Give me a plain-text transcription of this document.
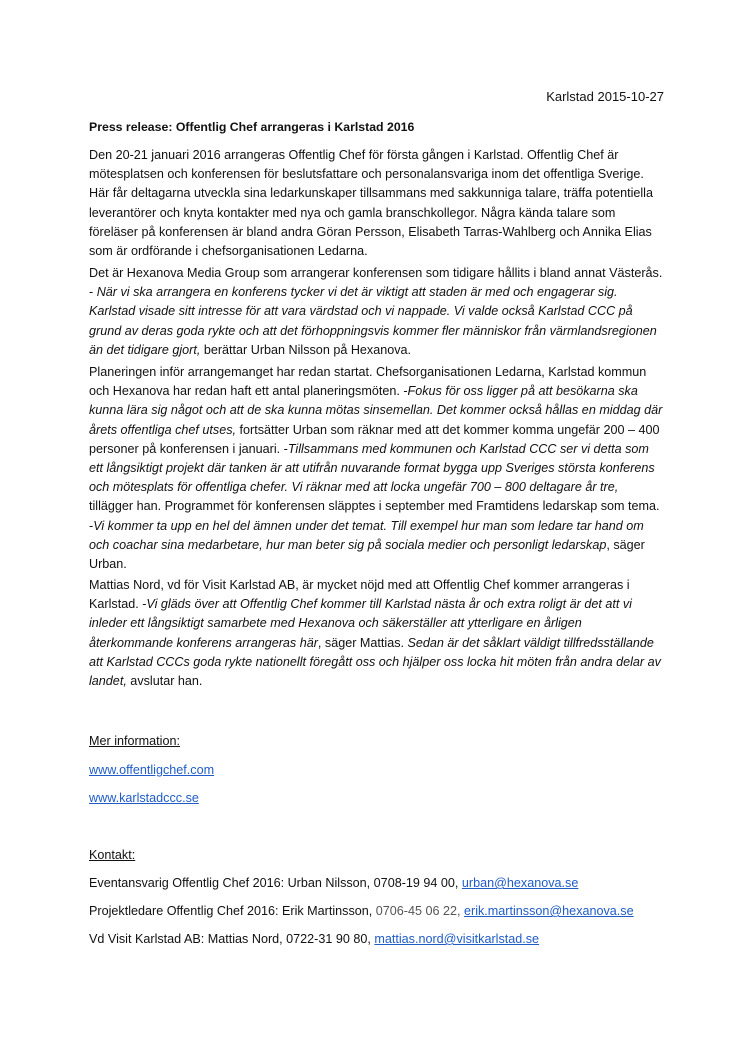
Karlstad 2015-10-27
Press release: Offentlig Chef arrangeras i Karlstad 2016

Den 20-21 januari 2016 arrangeras Offentlig Chef för första gången i Karlstad. Offentlig Chef är mötesplatsen och konferensen för beslutsfattare och personalansvariga inom det offentliga Sverige. Här får deltagarna utveckla sina ledarkunskaper tillsammans med sakkunniga talare, träffa potentiella leverantörer och knyta kontakter med nya och gamla branschkollegor. Några kända talare som föreläser på konferensen är bland andra Göran Persson, Elisabeth Tarras-Wahlberg och Annika Elias som är ordförande i chefsorganisationen Ledarna.

Det är Hexanova Media Group som arrangerar konferensen som tidigare hållits i bland annat Västerås. - När vi ska arrangera en konferens tycker vi det är viktigt att staden är med och engagerar sig. Karlstad visade sitt intresse för att vara värdstad och vi nappade. Vi valde också Karlstad CCC på grund av deras goda rykte och att det förhoppningsvis kommer fler människor från värmlandsregionen än det tidigare gjort, berättar Urban Nilsson på Hexanova.

Planeringen inför arrangemanget har redan startat. Chefsorganisationen Ledarna, Karlstad kommun och Hexanova har redan haft ett antal planeringsmöten. -Fokus för oss ligger på att besökarna ska kunna lära sig något och att de ska kunna mötas sinsemellan. Det kommer också hållas en middag där årets offentliga chef utses, fortsätter Urban som räknar med att det kommer komma ungefär 200 – 400 personer på konferensen i januari. -Tillsammans med kommunen och Karlstad CCC ser vi detta som ett långsiktigt projekt där tanken är att utifrån nuvarande format bygga upp Sveriges största konferens och mötesplats för offentliga chefer. Vi räknar med att locka ungefär 700 – 800 deltagare år tre, tillägger han. Programmet för konferensen släpptes i september med Framtidens ledarskap som tema. -Vi kommer ta upp en hel del ämnen under det temat. Till exempel hur man som ledare tar hand om och coachar sina medarbetare, hur man beter sig på sociala medier och personligt ledarskap, säger Urban.

Mattias Nord, vd för Visit Karlstad AB, är mycket nöjd med att Offentlig Chef kommer arrangeras i Karlstad. -Vi gläds över att Offentlig Chef kommer till Karlstad nästa år och extra roligt är det att vi inleder ett långsiktigt samarbete med Hexanova och säkerställer att ytterligare en årligen återkommande konferens arrangeras här, säger Mattias. Sedan är det såklart väldigt tillfredsställande att Karlstad CCCs goda rykte nationellt föregått oss och hjälper oss locka hit möten från andra delar av landet, avslutar han.

Mer information:
www.offentligchef.com
www.karlstadccc.se
Kontakt:
Eventansvarig Offentlig Chef 2016: Urban Nilsson, 0708-19 94 00, urban@hexanova.se
Projektledare Offentlig Chef 2016: Erik Martinsson, 0706-45 06 22, erik.martinsson@hexanova.se
Vd Visit Karlstad AB: Mattias Nord, 0722-31 90 80, mattias.nord@visitkarlstad.se
